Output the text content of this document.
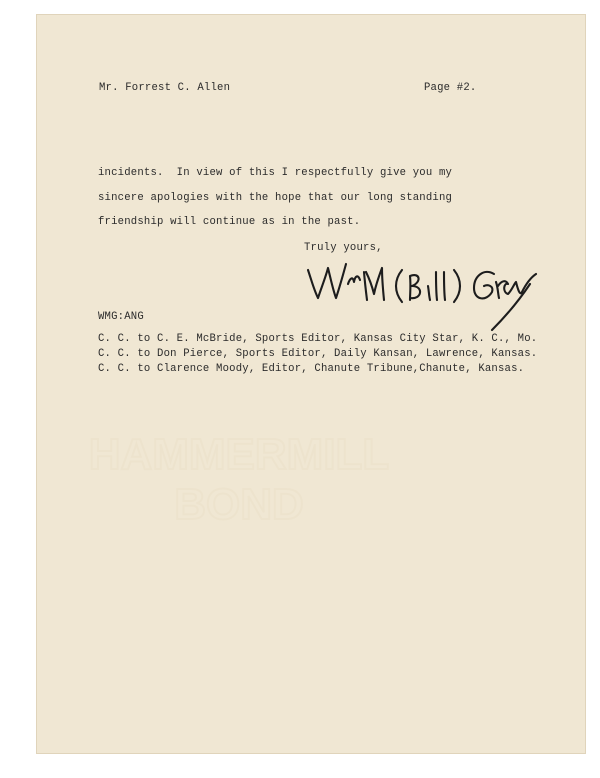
Mr. Forrest C. Allen	Page #2.
incidents.  In view of this I respectfully give you my
sincere apologies with the hope that our long standing
friendship will continue as in the past.
Truly yours,
WMG:ANG
C. C. to C. E. McBride, Sports Editor, Kansas City Star, K. C., Mo.
C. C. to Don Pierce, Sports Editor, Daily Kansan, Lawrence, Kansas.
C. C. to Clarence Moody, Editor, Chanute Tribune,Chanute, Kansas.
HAMMERMILL
BOND
